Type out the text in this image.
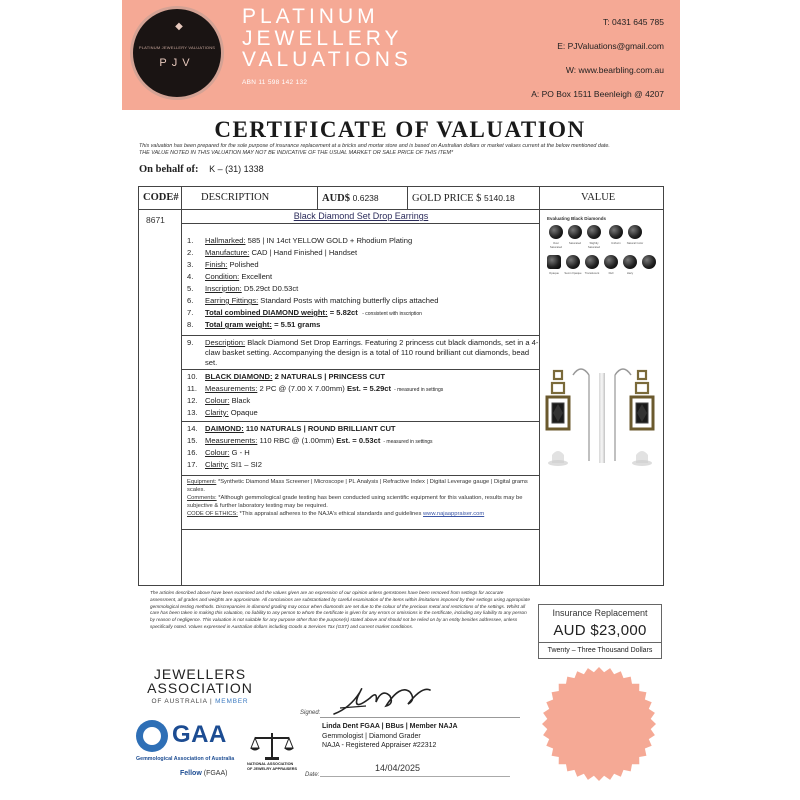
◆
PLATINUM JEWELLERY VALUATIONS
PJV
PLATINUM
JEWELLERY
VALUATIONS
ABN 11 598 142 132
T: 0431 645 785
E: PJValuations@gmail.com
W: www.bearbling.com.au
A: PO Box 1511 Beenleigh @ 4207
CERTIFICATE OF VALUATION
This valuation has been prepared for the sole purpose of insurance replacement at a bricks and mortar store and is based on Australian dollars or market values current at the below mentioned date.
THE VALUE NOTED IN THIS VALUATION MAY NOT BE INDICATIVE OF THE USUAL MARKET OR SALE PRICE OF THIS ITEM*
On behalf of: K – (31) 1338
CODE# DESCRIPTION	AUD$ 0.6238	GOLD PRICE $ 5140.18	VALUE
8671	Black Diamond Set Drop Earrings
1. Hallmarked: 585 | IN 14ct YELLOW GOLD + Rhodium Plating
2. Manufacture: CAD | Hand Finished | Handset
3. Finish: Polished
4. Condition: Excellent
5. Inscription: D5.29ct D0.53ct
6. Earring Fittings: Standard Posts with matching butterfly clips attached
7. Total combined DIAMOND weight: = 5.82ct - consistent with inscription
8. Total gram weight: = 5.51 grams
9.	Description: Black Diamond Set Drop Earrings. Featuring 2 princess cut black diamonds, set in a 4-claw basket setting. Accompanying the design is a total of 110 round brilliant cut diamonds, bead set.
10. BLACK DIAMOND: 2 NATURALS | PRINCESS CUT
11. Measurements: 2 PC @ (7.00 X 7.00mm) Est. = 5.29ct - measured in settings
12. Colour: Black
13. Clarity: Opaque
14. DAIMOND: 110 NATURALS | ROUND BRILLIANT CUT
15. Measurements: 110 RBC @ (1.00mm) Est. = 0.53ct - measured in settings
16. Colour: G - H
17. Clarity: SI1 – SI2
Equipment: *Synthetic Diamond Mass Screener | Microscope | PL Analysis | Refractive Index | Digital Leverage gauge | Digital grams scales.
Comments: *Although gemmological grade testing has been conducted using scientific equipment for this valuation, results may be subjective & further laboratory testing may be required.
CODE OF ETHICS: *This appraisal adheres to the NAJA's ethical standards and guidelines www.najaappraiser.com
Evaluating Black Diamonds
Over Saturated
Saturated	Slightly Saturated
Uniform	Natural Color
Opaque	Semi-Opaque	Translucent	Dull	Hazy
The articles described above have been examined and the values given are an expression of our opinion unless gemstones have been removed from settings for accurate assessment, all grades and weights are approximate. All conclusions are substantiated by careful examination of the items within limitations imposed by their settings using appropriate gemmological testing methods. Discrepancies in diamond grading may occur when diamonds are set due to the colour of the precious metal and restrictions of the settings. Whilst all care has been taken in making this valuation, no liability to any person to whom the certificate is given for any errors or omissions in the certificate, including any liability to any person by reason of negligence. This valuation is not suitable for any purpose other than the purpose(s) stated above and should not be relied on by an entity besides addressee, unless specifically noted. Values expressed in Australian dollars including Goods & Services Tax (GST) and current market conditions.
Insurance Replacement
AUD $23,000
Twenty – Three Thousand Dollars
JEWELLERS
ASSOCIATION
OF AUSTRALIA | MEMBER
GAA
Gemmological Association of Australia
Fellow (FGAA)
NATIONAL ASSOCIATION OF JEWELRY APPRAISERS
Signed:
Linda Dent FGAA | BBus | Member NAJA
Gemmologist | Diamond Grader
NAJA - Registered Appraiser #22312
Date:
14/04/2025
